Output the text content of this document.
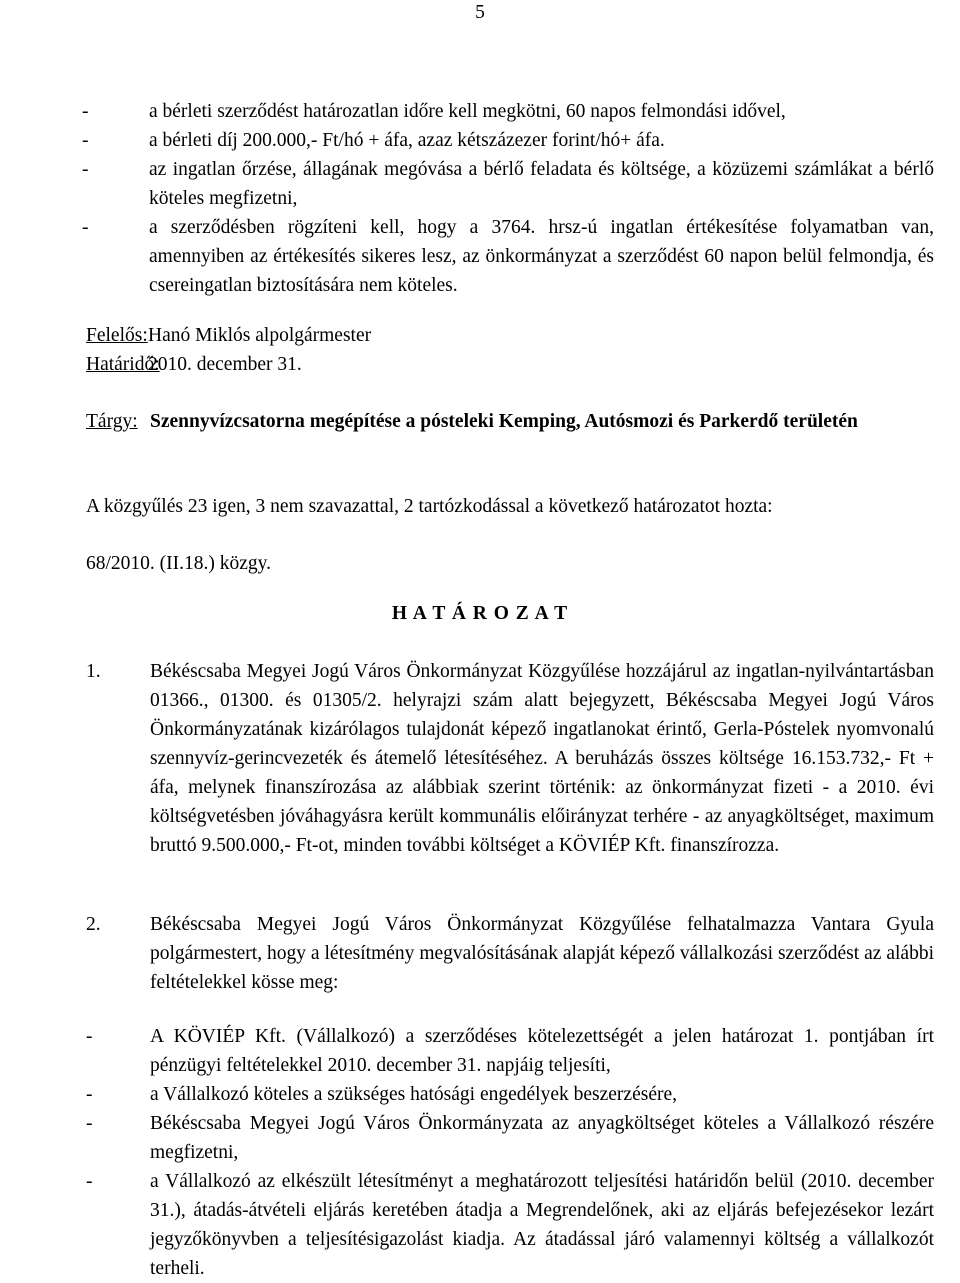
5
-	a bérleti szerződést határozatlan időre kell megkötni, 60 napos felmondási idővel,
-	a bérleti díj 200.000,- Ft/hó + áfa, azaz kétszázezer forint/hó+ áfa.
-	az ingatlan őrzése, állagának megóvása a bérlő feladata és költsége, a közüzemi számlákat a bérlő köteles megfizetni,
-	a szerződésben rögzíteni kell, hogy a 3764. hrsz-ú ingatlan értékesítése folyamatban van, amennyiben az értékesítés sikeres lesz, az önkormányzat a szerződést 60 napon belül felmondja, és csereingatlan biztosítására nem köteles.
Felelős: Hanó Miklós alpolgármester
Határidő:
2010. december 31.
Tárgy: Szennyvízcsatorna megépítése a pósteleki Kemping, Autósmozi és Parkerdő területén
A közgyűlés 23 igen, 3 nem szavazattal, 2 tartózkodással a következő határozatot hozta:
68/2010. (II.18.) közgy.
H A T Á R O Z A T
1.	Békéscsaba Megyei Jogú Város Önkormányzat Közgyűlése hozzájárul az ingatlan-nyilvántartásban 01366., 01300. és 01305/2. helyrajzi szám alatt bejegyzett, Békéscsaba Megyei Jogú Város Önkormányzatának kizárólagos tulajdonát képező ingatlanokat érintő, Gerla-Póstelek nyomvonalú szennyvíz-gerincvezeték és átemelő létesítéséhez. A beruházás összes költsége 16.153.732,- Ft + áfa, melynek finanszírozása az alábbiak szerint történik: az önkormányzat fizeti - a 2010. évi költségvetésben jóváhagyásra került kommunális előirányzat terhére - az anyagköltséget, maximum bruttó 9.500.000,- Ft-ot, minden további költséget a KÖVIÉP Kft. finanszírozza.
2.	Békéscsaba Megyei Jogú Város Önkormányzat Közgyűlése felhatalmazza Vantara Gyula polgármestert, hogy a létesítmény megvalósításának alapját képező vállalkozási szerződést az alábbi feltételekkel kösse meg:
-	A KÖVIÉP Kft. (Vállalkozó) a szerződéses kötelezettségét a jelen határozat 1. pontjában írt pénzügyi feltételekkel 2010. december 31. napjáig teljesíti,
-	a Vállalkozó köteles a szükséges hatósági engedélyek beszerzésére,
-	Békéscsaba Megyei Jogú Város Önkormányzata az anyagköltséget köteles a Vállalkozó részére megfizetni,
-	a Vállalkozó az elkészült létesítményt a meghatározott teljesítési határidőn belül (2010. december 31.), átadás-átvételi eljárás keretében átadja a Megrendelőnek, aki az eljárás befejezésekor lezárt jegyzőkönyvben a teljesítésigazolást kiadja. Az átadással járó valamennyi költség a vállalkozót terheli.
